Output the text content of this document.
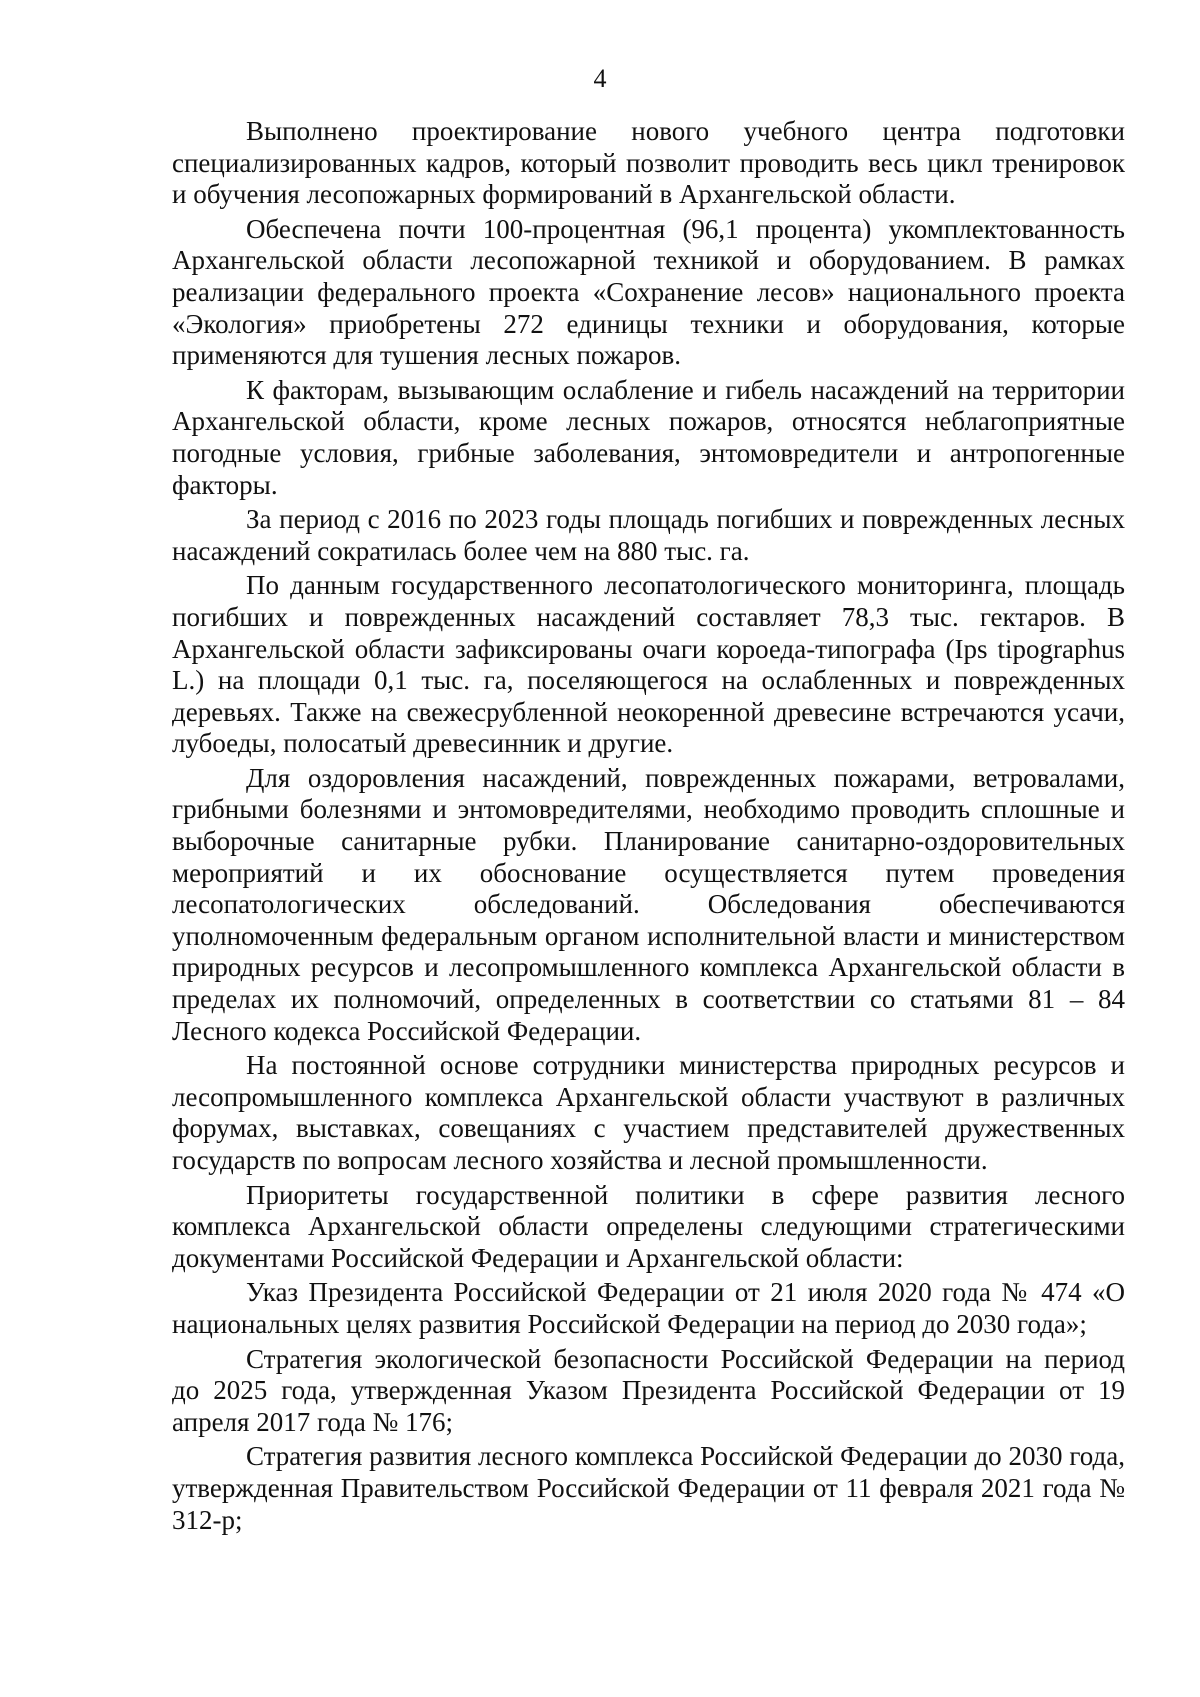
4

Выполнено проектирование нового учебного центра подготовки специализированных кадров, который позволит проводить весь цикл тренировок и обучения лесопожарных формирований в Архангельской области.

Обеспечена почти 100-процентная (96,1 процента) укомплектованность Архангельской области лесопожарной техникой и оборудованием. В рамках реализации федерального проекта «Сохранение лесов» национального проекта «Экология» приобретены 272 единицы техники и оборудования, которые применяются для тушения лесных пожаров.

К факторам, вызывающим ослабление и гибель насаждений на территории Архангельской области, кроме лесных пожаров, относятся неблагоприятные погодные условия, грибные заболевания, энтомовредители и антропогенные факторы.

За период с 2016 по 2023 годы площадь погибших и поврежденных лесных насаждений сократилась более чем на 880 тыс. га.

По данным государственного лесопатологического мониторинга, площадь погибших и поврежденных насаждений составляет 78,3 тыс. гектаров. В Архангельской области зафиксированы очаги короеда-типографа (Ips tipographus L.) на площади 0,1 тыс. га, поселяющегося на ослабленных и поврежденных деревьях. Также на свежесрубленной неокоренной древесине встречаются усачи, лубоеды, полосатый древесинник и другие.

Для оздоровления насаждений, поврежденных пожарами, ветровалами, грибными болезнями и энтомовредителями, необходимо проводить сплошные и выборочные санитарные рубки. Планирование санитарно-оздоровительных мероприятий и их обоснование осуществляется путем проведения лесопатологических обследований. Обследования обеспечиваются уполномоченным федеральным органом исполнительной власти и министерством природных ресурсов и лесопромышленного комплекса Архангельской области в пределах их полномочий, определенных в соответствии со статьями 81 – 84 Лесного кодекса Российской Федерации.

На постоянной основе сотрудники министерства природных ресурсов и лесопромышленного комплекса Архангельской области участвуют в различных форумах, выставках, совещаниях с участием представителей дружественных государств по вопросам лесного хозяйства и лесной промышленности.

Приоритеты государственной политики в сфере развития лесного комплекса Архангельской области определены следующими стратегическими документами Российской Федерации и Архангельской области:

Указ Президента Российской Федерации от 21 июля 2020 года № 474 «О национальных целях развития Российской Федерации на период до 2030 года»;

Стратегия экологической безопасности Российской Федерации на период до 2025 года, утвержденная Указом Президента Российской Федерации от 19 апреля 2017 года № 176;

Стратегия развития лесного комплекса Российской Федерации до 2030 года, утвержденная Правительством Российской Федерации от 11 февраля 2021 года № 312-р;
